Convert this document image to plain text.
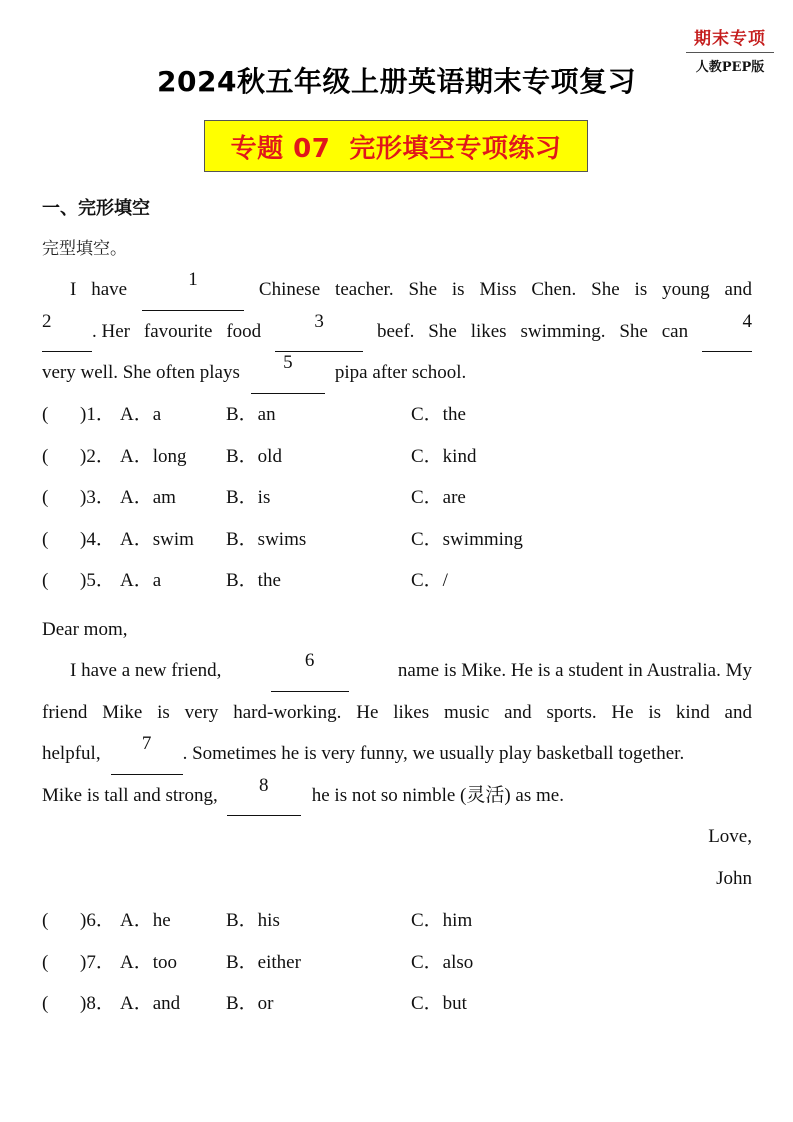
期末专项
人教PEP版
2024秋五年级上册英语期末专项复习
专题 07  完形填空专项练习
一、完形填空
完型填空。
I have	1	Chinese teacher. She is Miss Chen. She is young and
2	. Her favourite food	3	beef. She likes swimming. She can	4
very well. She often plays	5	pipa after school.
( )1． A．a	B．an	C．the
( )2． A．long B．old	C．kind
( )3． A．am	B．is	C．are
( )4． A．swim B．swims	C．swimming
( )5． A．a	B．the	C．/
Dear mom,
I have a new friend,	6	name is Mike. He is a student in Australia. My
friend Mike is very hard-working. He likes music and sports. He is kind and
helpful,	7	. Sometimes he is very funny, we usually play basketball together.
Mike is tall and strong,	8	he is not so nimble (灵活) as me.
Love,
John
( )6． A．he	B．his	C．him
( )7． A．too	B．either	C．also
( )8． A．and B．or	C．but
